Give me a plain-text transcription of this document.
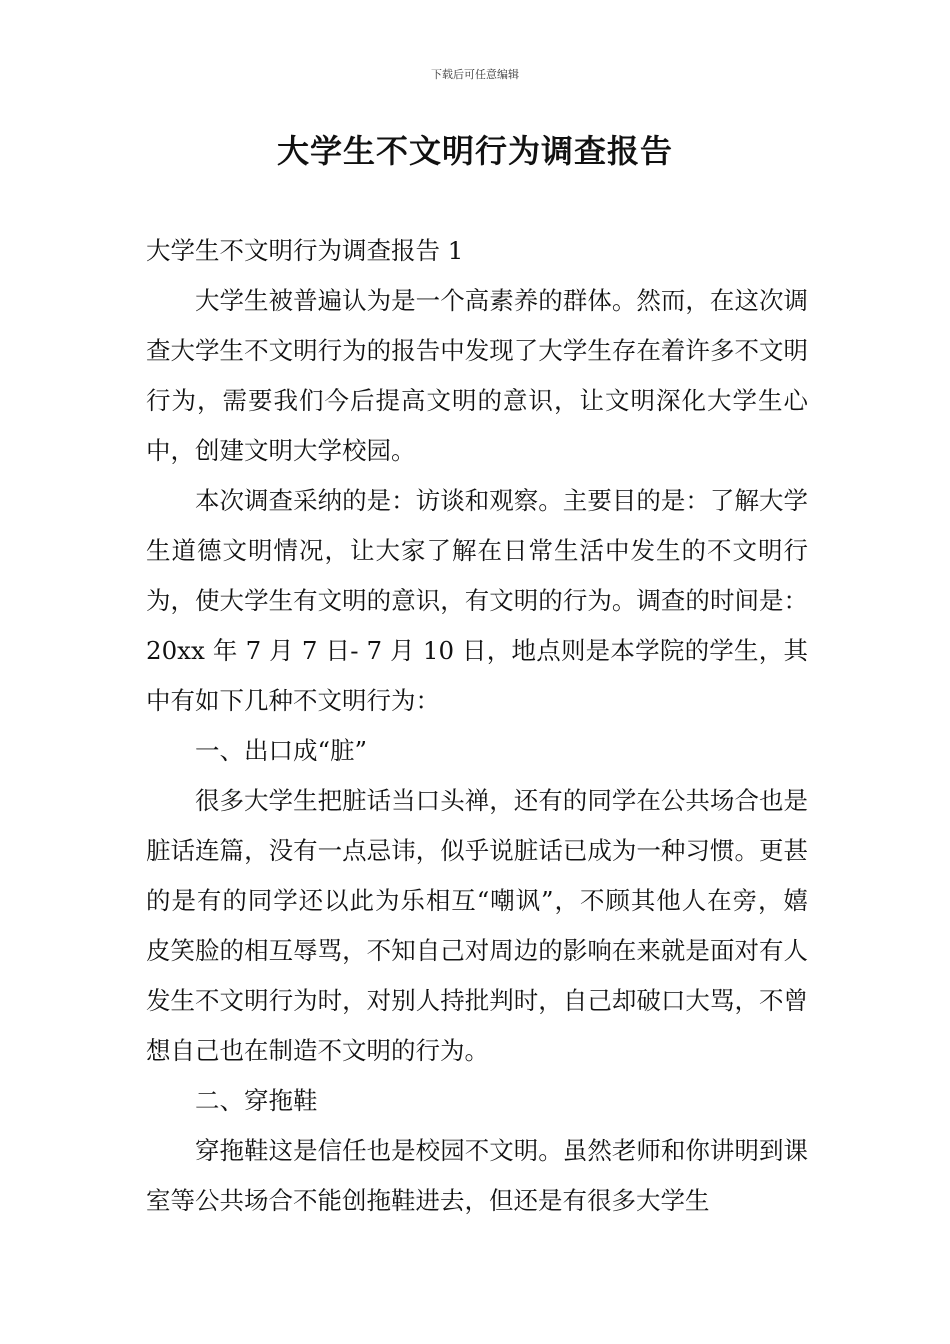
下载后可任意编辑
大学生不文明行为调查报告

大学生不文明行为调查报告 1

大学生被普遍认为是一个高素养的群体。然而，在这次调查大学生不文明行为的报告中发现了大学生存在着许多不文明行为，需要我们今后提高文明的意识，让文明深化大学生心中，创建文明大学校园。

本次调查采纳的是：访谈和观察。主要目的是：了解大学生道德文明情况，让大家了解在日常生活中发生的不文明行为，使大学生有文明的意识，有文明的行为。调查的时间是：20xx 年 7 月 7 日- 7 月 10 日，地点则是本学院的学生，其中有如下几种不文明行为：

一、出口成“脏”

很多大学生把脏话当口头禅，还有的同学在公共场合也是脏话连篇，没有一点忌讳，似乎说脏话已成为一种习惯。更甚的是有的同学还以此为乐相互“嘲讽”，不顾其他人在旁，嬉皮笑脸的相互辱骂，不知自己对周边的影响在来就是面对有人发生不文明行为时，对别人持批判时，自己却破口大骂，不曾想自己也在制造不文明的行为。

二、穿拖鞋

穿拖鞋这是信任也是校园不文明。虽然老师和你讲明到课室等公共场合不能创拖鞋进去，但还是有很多大学生
